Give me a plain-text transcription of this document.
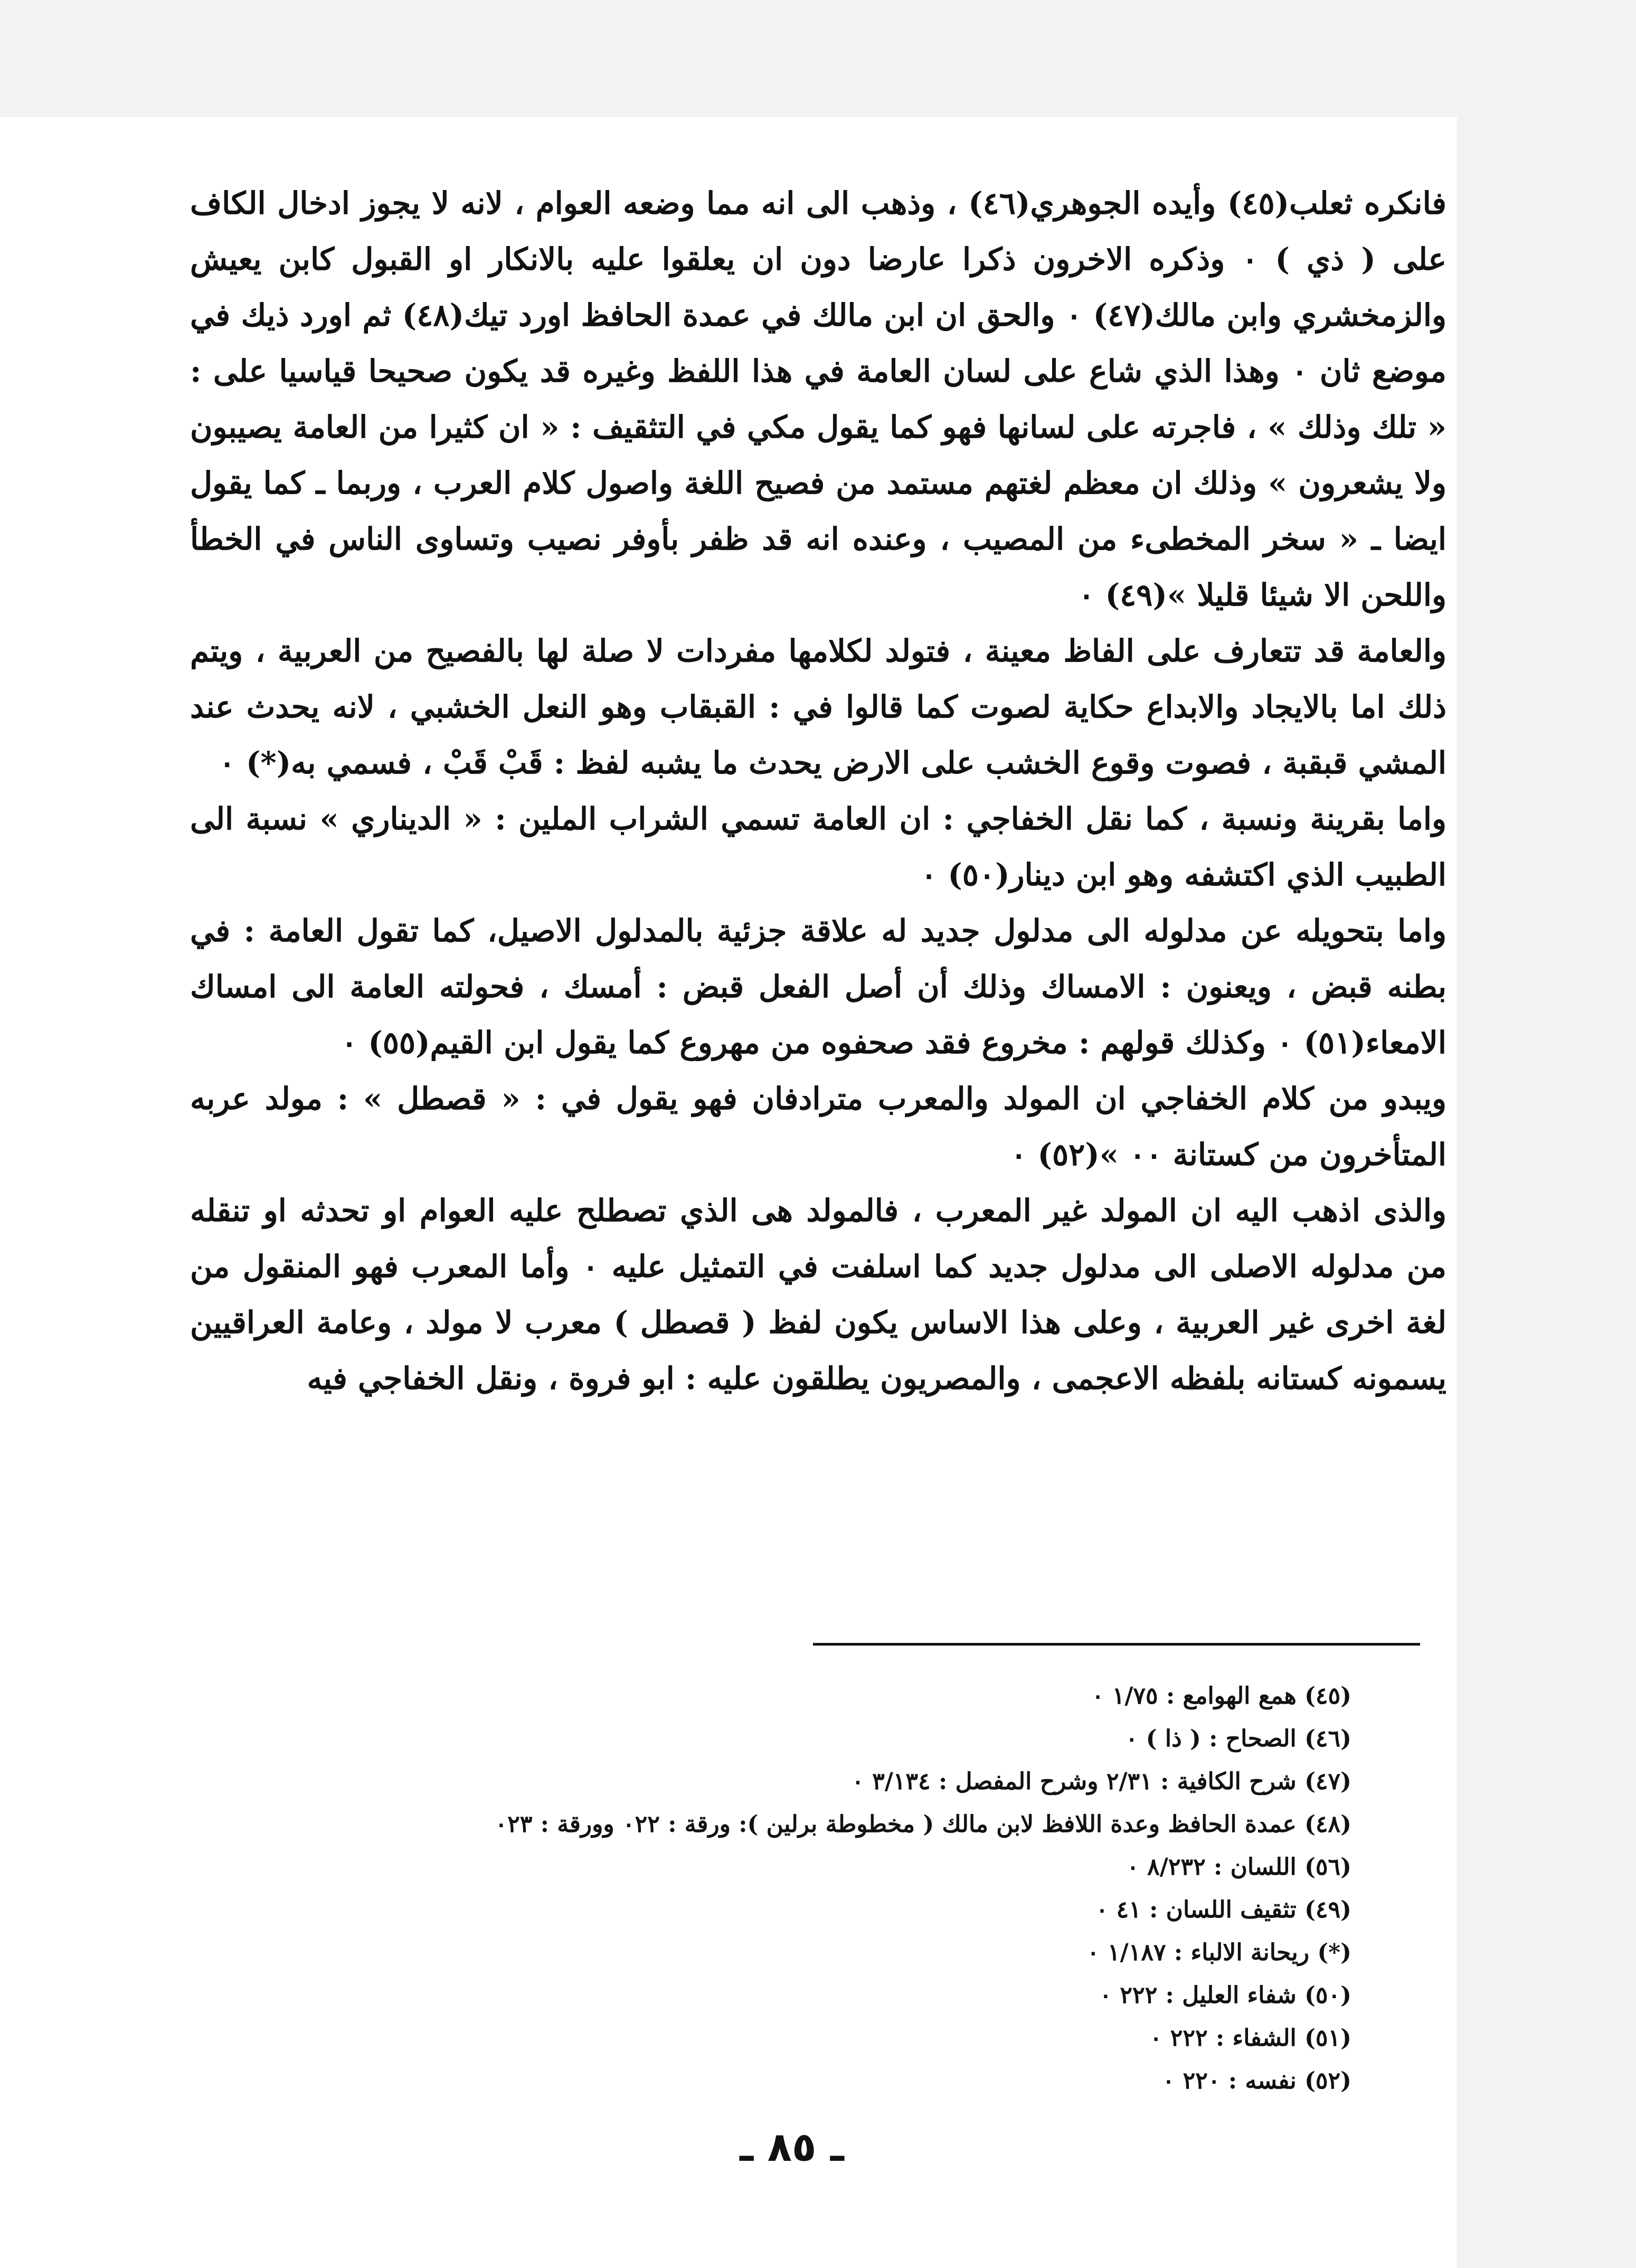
فانكره ثعلب(٤٥) وأيده الجوهري(٤٦) ، وذهب الى انه مما وضعه العوام ، لانه لا يجوز ادخال الكاف على ( ذي ) ٠ وذكره الاخرون ذكرا عارضا دون ان يعلقوا عليه بالانكار او القبول كابن يعيش والزمخشري وابن مالك(٤٧) ٠ والحق ان ابن مالك في عمدة الحافظ اورد تيك(٤٨) ثم اورد ذيك في موضع ثان ٠ وهذا الذي شاع على لسان العامة في هذا اللفظ وغيره قد يكون صحيحا قياسيا على : « تلك وذلك » ، فاجرته على لسانها فهو كما يقول مكي في التثقيف : « ان كثيرا من العامة يصيبون ولا يشعرون » وذلك ان معظم لغتهم مستمد من فصيح اللغة واصول كلام العرب ، وربما ـ كما يقول ايضا ـ « سخر المخطىء من المصيب ، وعنده انه قد ظفر بأوفر نصيب وتساوى الناس في الخطأ واللحن الا شيئا قليلا »(٤٩) ٠

والعامة قد تتعارف على الفاظ معينة ، فتولد لكلامها مفردات لا صلة لها بالفصيح من العربية ، ويتم ذلك اما بالايجاد والابداع حكاية لصوت كما قالوا في : القبقاب وهو النعل الخشبي ، لانه يحدث عند المشي قبقبة ، فصوت وقوع الخشب على الارض يحدث ما يشبه لفظ : قَبْ قَبْ ، فسمي به(*) ٠

واما بقرينة ونسبة ، كما نقل الخفاجي : ان العامة تسمي الشراب الملين : « الديناري » نسبة الى الطبيب الذي اكتشفه وهو ابن دينار(٥٠) ٠

واما بتحويله عن مدلوله الى مدلول جديد له علاقة جزئية بالمدلول الاصيل، كما تقول العامة : في بطنه قبض ، ويعنون : الامساك وذلك أن أصل الفعل قبض : أمسك ، فحولته العامة الى امساك الامعاء(٥١) ٠ وكذلك قولهم : مخروع فقد صحفوه من مهروع كما يقول ابن القيم(٥٥) ٠

ويبدو من كلام الخفاجي ان المولد والمعرب مترادفان فهو يقول في : « قصطل » : مولد عربه المتأخرون من كستانة ٠٠ »(٥٢) ٠

والذى اذهب اليه ان المولد غير المعرب ، فالمولد هى الذي تصطلح عليه العوام او تحدثه او تنقله من مدلوله الاصلى الى مدلول جديد كما اسلفت في التمثيل عليه ٠ وأما المعرب فهو المنقول من لغة اخرى غير العربية ، وعلى هذا الاساس يكون لفظ ( قصطل ) معرب لا مولد ، وعامة العراقيين يسمونه كستانه بلفظه الاعجمى ، والمصريون يطلقون عليه : ابو فروة ، ونقل الخفاجي فيه

(٤٥) همع الهوامع : ١/٧٥ ٠
(٤٦) الصحاح : ( ذا ) ٠
(٤٧) شرح الكافية : ٢/٣١ وشرح المفصل : ٣/١٣٤ ٠
(٤٨) عمدة الحافظ وعدة اللافظ لابن مالك ( مخطوطة برلين ): ورقة : ٠٢٢ وورقة : ٠٢٣
(٥٦) اللسان : ٨/٢٣٢ ٠
(٤٩) تثقيف اللسان : ٤١ ٠
(*) ريحانة الالباء : ١/١٨٧ ٠
(٥٠) شفاء العليل : ٢٢٢ ٠
(٥١) الشفاء : ٢٢٢ ٠
(٥٢) نفسه : ٢٢٠ ٠
ـ ٨٥ ـ
